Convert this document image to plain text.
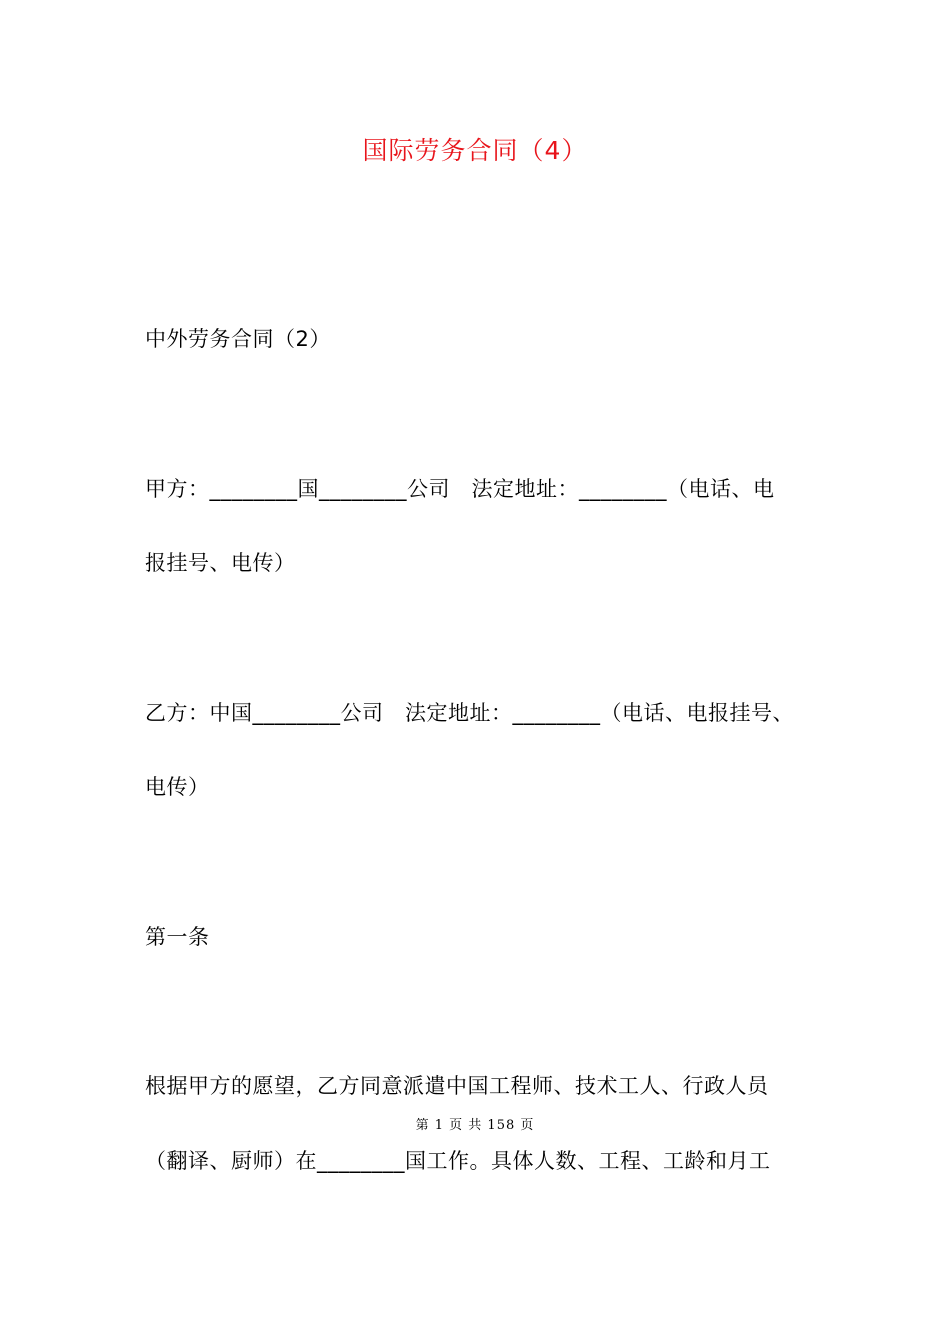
国际劳务合同（4）
中外劳务合同（2）
甲方：________国________公司　法定地址：________（电话、电
报挂号、电传）
乙方：中国________公司　法定地址：________（电话、电报挂号、
电传）
第一条
根据甲方的愿望，乙方同意派遣中国工程师、技术工人、行政人员
第 1 页 共 158 页
（翻译、厨师）在________国工作。具体人数、工程、工龄和月工
